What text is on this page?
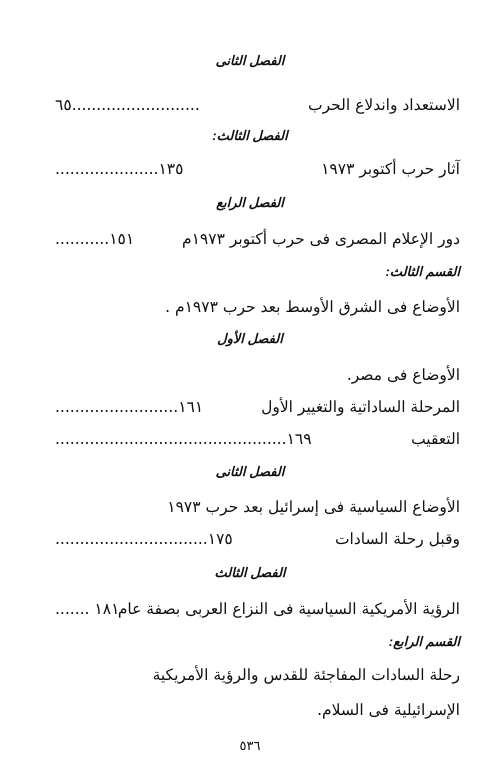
الفصل الثانى
الاستعداد واندلاع الحرب
..........................٦٥
الفصل الثالث:
آثار حرب أكتوبر ١٩٧٣
١٣٥.....................
الفصل الرابع
دور الإعلام المصرى فى حرب أكتوبر ١٩٧٣م
١٥١...........
القسم الثالث:
الأوضاع فى الشرق الأوسط بعد حرب ١٩٧٣م .
الفصل الأول
الأوضاع فى مصر.
المرحلة الساداتية والتغيير الأول
١٦١.........................
التعقيب
١٦٩...............................................
الفصل الثانى
الأوضاع السياسية فى إسرائيل بعد حرب ١٩٧٣
وقبل رحلة السادات
١٧٥...............................
الفصل الثالث
الرؤية الأمريكية السياسية فى النزاع العربى بصفة عام
١٨١ .......
القسم الرابع:
رحلة السادات المفاجئة للقدس والرؤية الأمريكية
الإسرائيلية فى السلام.
٥٣٦
